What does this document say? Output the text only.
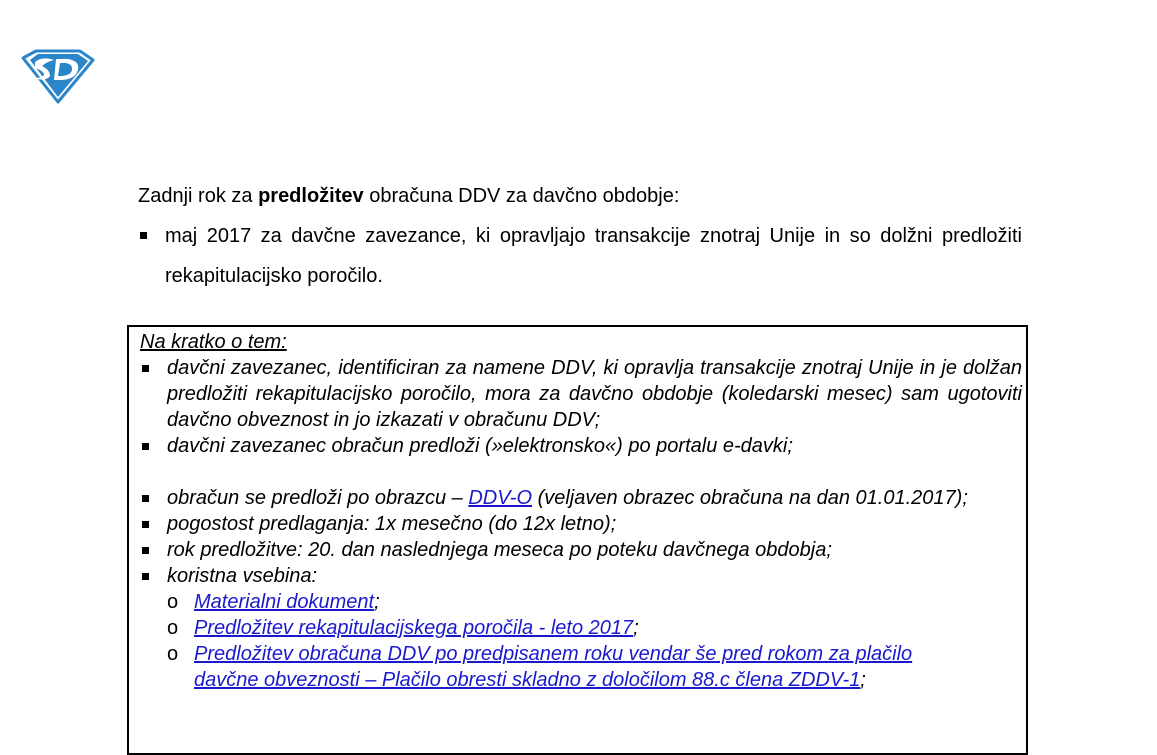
Zadnji rok za predložitev obračuna DDV za davčno obdobje:

maj 2017 za davčne zavezance, ki opravljajo transakcije znotraj Unije in so dolžni predložiti rekapitulacijsko poročilo.

Na kratko o tem:

davčni zavezanec, identificiran za namene DDV, ki opravlja transakcije znotraj Unije in je dolžan predložiti rekapitulacijsko poročilo, mora za davčno obdobje (koledarski mesec) sam ugotoviti davčno obveznost in jo izkazati v obračunu DDV;

davčni zavezanec obračun predloži (»elektronsko«) po portalu e-davki;

obračun se predloži po obrazcu – DDV-O (veljaven obrazec obračuna na dan 01.01.2017);

pogostost predlaganja: 1x mesečno (do 12x letno);

rok predložitve: 20. dan naslednjega meseca po poteku davčnega obdobja;

koristna vsebina:

o Materialni dokument;

o Predložitev rekapitulacijskega poročila - leto 2017;

o Predložitev obračuna DDV po predpisanem roku vendar še pred rokom za plačilo davčne obveznosti – Plačilo obresti skladno z določilom 88.c člena ZDDV-1;
